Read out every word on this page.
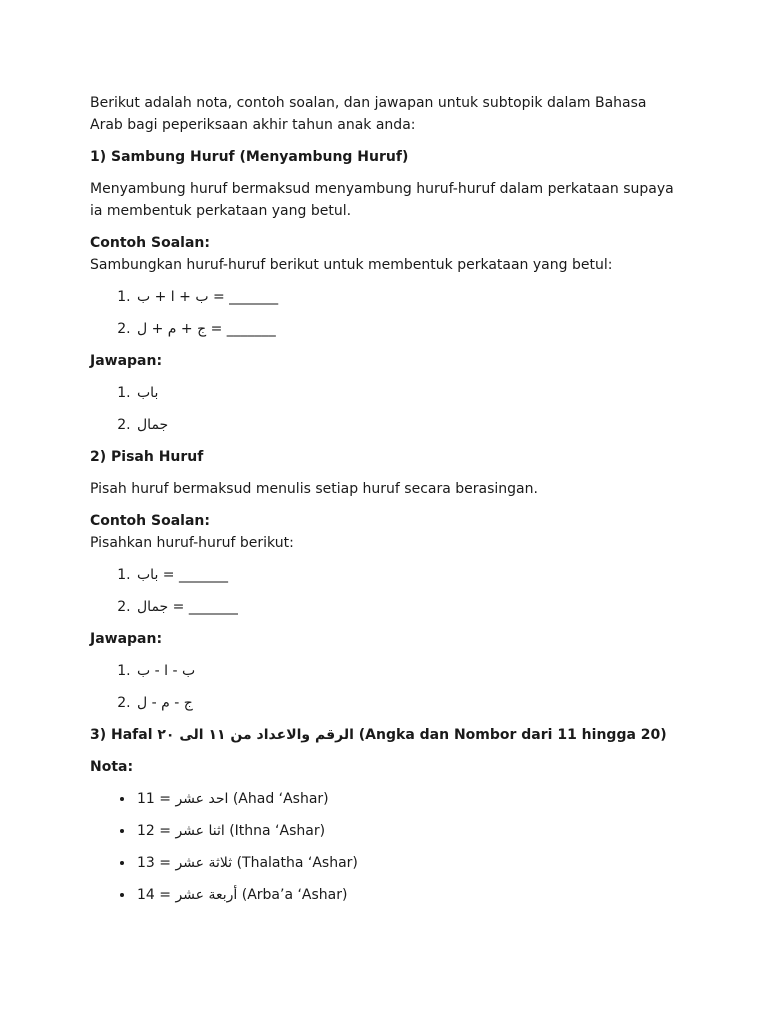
Berikut adalah nota, contoh soalan, dan jawapan untuk subtopik dalam Bahasa Arab bagi peperiksaan akhir tahun anak anda:

1) Sambung Huruf (Menyambung Huruf)

Menyambung huruf bermaksud menyambung huruf-huruf dalam perkataan supaya ia membentuk perkataan yang betul.

Contoh Soalan:

Sambungkan huruf-huruf berikut untuk membentuk perkataan yang betul:

1. ب + ا + ب = _______
2. ج + م + ل = _______

Jawapan:

1. باب
2. جمال

2) Pisah Huruf

Pisah huruf bermaksud menulis setiap huruf secara berasingan.

Contoh Soalan:

Pisahkan huruf-huruf berikut:

1. باب = _______
2. جمال = _______

Jawapan:

1. ب - ا - ب
2. ج - م - ل

3) Hafal الرقم والاعداد من ١١ الى ٢٠ (Angka dan Nombor dari 11 hingga 20)

Nota:

• 11 = احد عشر (Ahad ‘Ashar)
• 12 = اثنا عشر (Ithna ‘Ashar)
• 13 = ثلاثة عشر (Thalatha ‘Ashar)
• 14 = أربعة عشر (Arba’a ‘Ashar)
